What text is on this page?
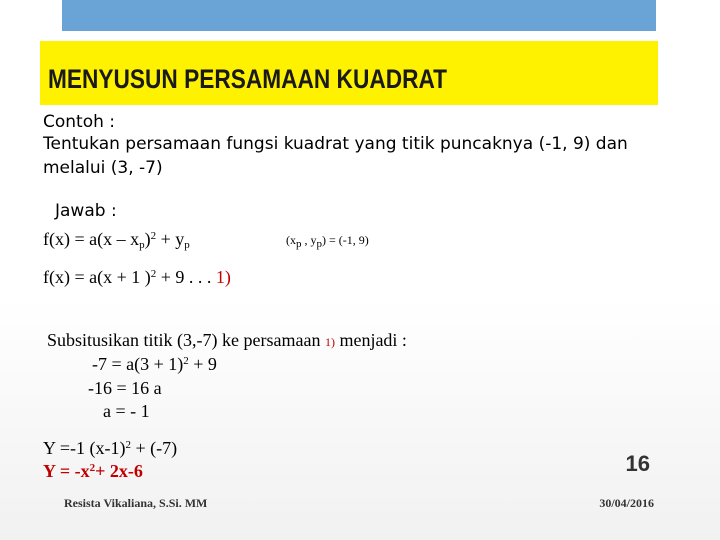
MENYUSUN PERSAMAAN KUADRAT
Contoh :
Tentukan persamaan fungsi kuadrat yang titik puncaknya (-1, 9) dan
melalui (3, -7)
Jawab :
$f(x) = a(x - x_p)^2 + y_p$	($x_p$ , $y_p) = (-1$, 9)
f(x) = a(x + 1 )$^2$ + 9 . . . 1)
Subsitusikan titik (3,-7) ke persamaan 1) menjadi :
$-7 = a(3 + 1)^2 + 9$
-16 = 16 a
a = - 1
Y =-1 $(x-1)^2 + (-7)$
$Y = -x^2+ 2x-6$	16
Resista Vikaliana, S.Si. MM	30/04/2016
